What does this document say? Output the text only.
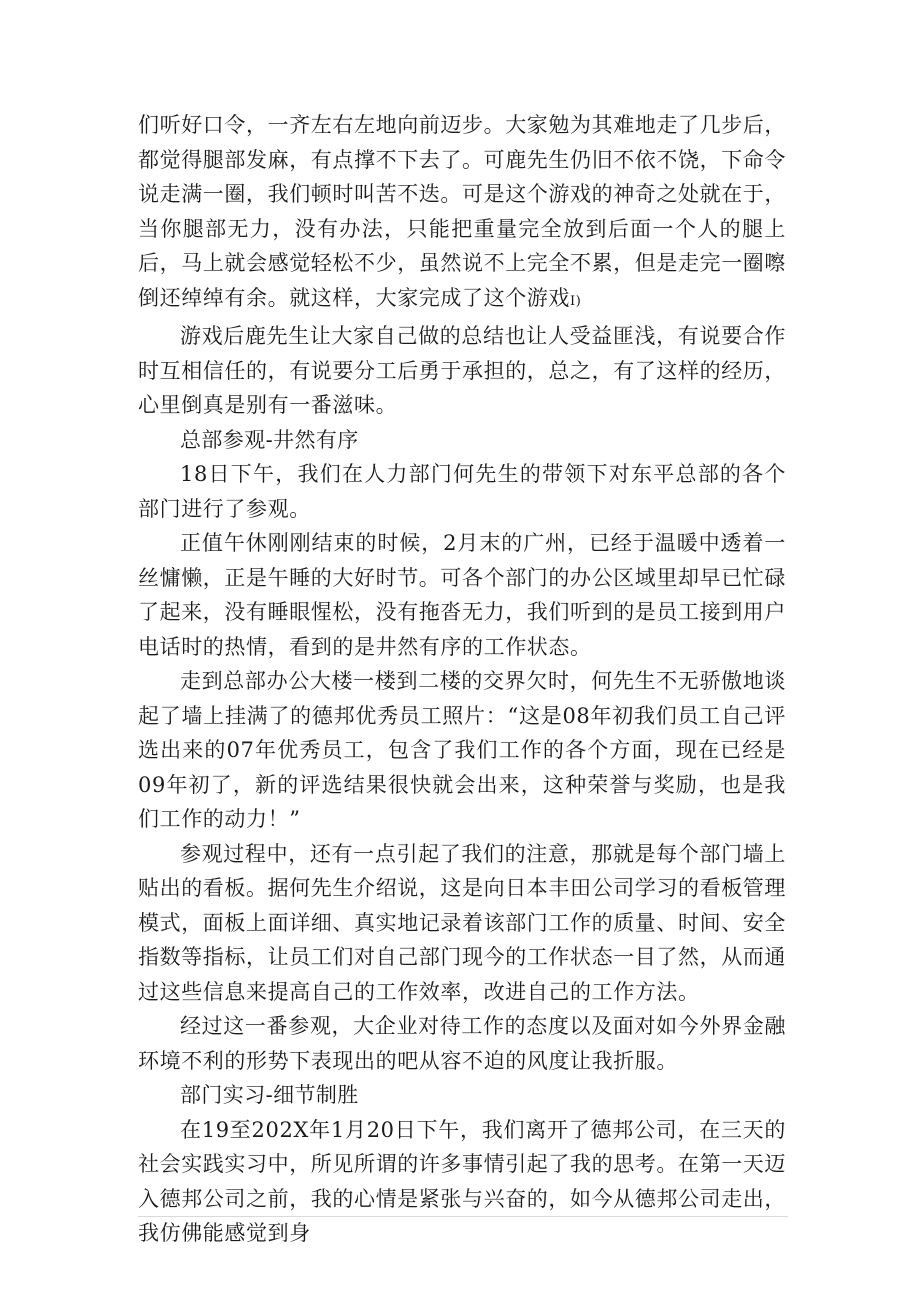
们听好口令，一齐左右左地向前迈步。大家勉为其难地走了几步后，都觉得腿部发麻，有点撑不下去了。可鹿先生仍旧不依不饶，下命令说走满一圈，我们顿时叫苦不迭。可是这个游戏的神奇之处就在于，当你腿部无力，没有办法，只能把重量完全放到后面一个人的腿上后，马上就会感觉轻松不少，虽然说不上完全不累，但是走完一圈嚓倒还绰绰有余。就这样，大家完成了这个游戏I)

游戏后鹿先生让大家自己做的总结也让人受益匪浅，有说要合作时互相信任的，有说要分工后勇于承担的，总之，有了这样的经历，心里倒真是别有一番滋味。

总部参观-井然有序

18日下午，我们在人力部门何先生的带领下对东平总部的各个部门进行了参观。

正值午休刚刚结束的时候，2月末的广州，已经于温暖中透着一丝慵懒，正是午睡的大好时节。可各个部门的办公区域里却早已忙碌了起来，没有睡眼惺松，没有拖沓无力，我们听到的是员工接到用户电话时的热情，看到的是井然有序的工作状态。

走到总部办公大楼一楼到二楼的交界欠时，何先生不无骄傲地谈起了墙上挂满了的德邦优秀员工照片：“这是08年初我们员工自己评选出来的07年优秀员工，包含了我们工作的各个方面，现在已经是09年初了，新的评选结果很快就会出来，这种荣誉与奖励，也是我们工作的动力！”

参观过程中，还有一点引起了我们的注意，那就是每个部门墙上贴出的看板。据何先生介绍说，这是向日本丰田公司学习的看板管理模式，面板上面详细、真实地记录着该部门工作的质量、时间、安全指数等指标，让员工们对自己部门现今的工作状态一目了然，从而通过这些信息来提高自己的工作效率，改进自己的工作方法。

经过这一番参观，大企业对待工作的态度以及面对如今外界金融环境不利的形势下表现出的吧从容不迫的风度让我折服。

部门实习-细节制胜

在19至202X年1月20日下午，我们离开了德邦公司，在三天的社会实践实习中，所见所谓的许多事情引起了我的思考。在第一天迈入德邦公司之前，我的心情是紧张与兴奋的，如今从德邦公司走出，我仿佛能感觉到身
